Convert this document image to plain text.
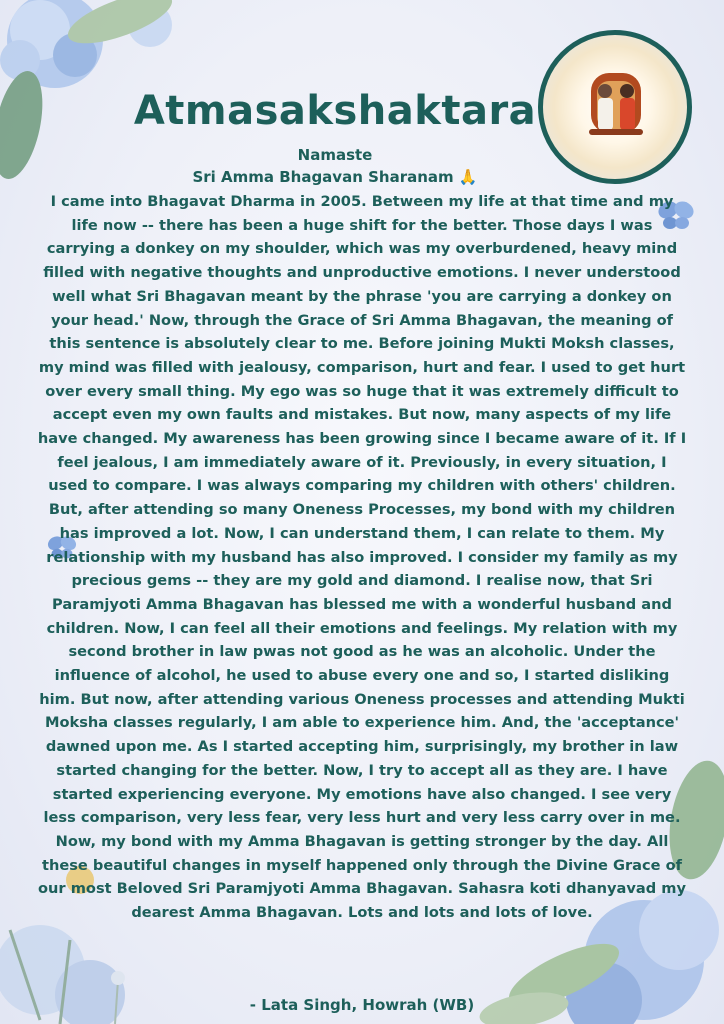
Atmasakshaktara

Namaste

Sri Amma Bhagavan Sharanam 🙏

I came into Bhagavat Dharma in 2005. Between my life at that time and my life now -- there has been a huge shift for the better. Those days I was carrying a donkey on my shoulder, which was my overburdened, heavy mind filled with negative thoughts and unproductive emotions. I never understood well what Sri Bhagavan meant by the phrase 'you are carrying a donkey on your head.' Now, through the Grace of Sri Amma Bhagavan, the meaning of this sentence is absolutely clear to me. Before joining Mukti Moksh classes, my mind was filled with jealousy, comparison, hurt and fear. I used to get hurt over every small thing. My ego was so huge that it was extremely difficult to accept even my own faults and mistakes. But now, many aspects of my life have changed. My awareness has been growing since I became aware of it. If I feel jealous, I am immediately aware of it. Previously, in every situation, I used to compare. I was always comparing my children with others' children. But, after attending so many Oneness Processes, my bond with my children has improved a lot. Now, I can understand them, I can relate to them. My relationship with my husband has also improved. I consider my family as my precious gems -- they are my gold and diamond. I realise now, that Sri Paramjyoti Amma Bhagavan has blessed me with a wonderful husband and children. Now, I can feel all their emotions and feelings. My relation with my second brother in law pwas not good as he was an alcoholic. Under the influence of alcohol, he used to abuse every one and so, I started disliking him. But now, after attending various Oneness processes and attending Mukti Moksha classes regularly, I am able to experience him. And, the 'acceptance' dawned upon me. As I started accepting him, surprisingly, my brother in law started changing for the better. Now, I try to accept all as they are. I have started experiencing everyone. My emotions have also changed. I see very less comparison, very less fear, very less hurt and very less carry over in me. Now, my bond with my Amma Bhagavan is getting stronger by the day. All these beautiful changes in myself happened only through the Divine Grace of our most Beloved Sri Paramjyoti Amma Bhagavan. Sahasra koti dhanyavad my dearest Amma Bhagavan. Lots and lots and lots of love.

- Lata Singh, Howrah (WB)
